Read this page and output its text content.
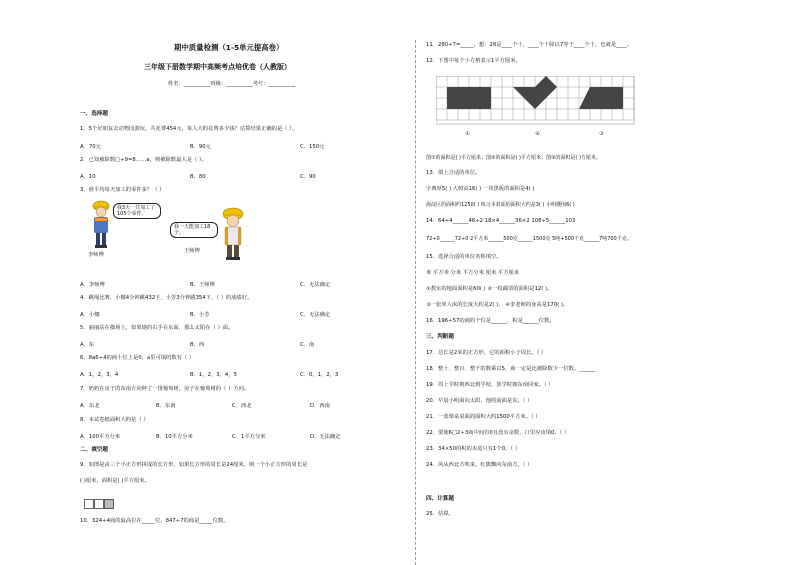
期中质量检测（1-5单元提高卷）
三年级下册数学期中高频考点培优卷（人教版）
姓名：__________班级：__________考号：__________
一、选择题
1．5个好朋友去动物园游玩，共花费454元，每人大约花费多少钱？估算结果正确的是（ ）。
A．70元	B．90元	C．150元
2．已知被除数□÷9=8……a，则被除数最大是（ ）。
A．10	B．80	C．90
3．谁平均每天加工的零件多？（ ）
我3天一共加工了105个零件。
李师傅
我一天能加工18个。
王师傅
A．李师傅	B．王师傅	C．无法确定
4．跳绳比赛，小娜4分钟跳432下，小芳3分钟跳354下，（ ）的成绩好。
A．小娜	B．小芳	C．无法确定
5．丽丽站在操场上，如果她的右手在东面，那么太阳在（ ）面。
A．东	B．西	C．南
6．8a6÷4的商十位上是0，a里可填的数有（ ）
A．1，2，3，4	B．1，2，3，4，5	C．0，1，2，3
7．奶奶在房子的东南方向种了一排葡萄树，房子在葡萄树的（ ）方向。
A．东北	B．东南	C．西北	D．西南
8．本试卷纸面积大约是（ ）
A．100平方分米	B．10平方分米	C．1平方分米	D．无法确定
二、填空题
9．如图是由三个小正方形拼成的长方形，如果长方形的周长是24厘米，则一个小正方形的周长是
( )厘米，面积是( )平方厘米。
10．324÷4商的最高位在_____位，847÷7的商是_____位数。
11．280÷7=_____，想：28是____个十，____个十除以7等于____个十，也就是____。
12．下图中每个小方格表示1平方厘米。
①	②	③
图①的面积是( )平方厘米；图②的面积是( )平方厘米；图③的面积是( )方厘米。
13．填上合适的单位。
字典厚5( ) 大树高16( ) 一块黑板的面积是4( )
海淀区的面积约1250( ) 练习本封面的面积大约是3( ) 小明腰围6( )
14．64÷4______46÷2 18×4______36×2 108÷5______103
72÷0______72÷0 2平方米______500克______1500克 5吨+500千克______7吨700千克。
15．选择合适的单位名称填空。
米 平方米 分米 平方分米 厘米 平方厘米
①教室的地面面积是60( ) ②一枚邮票的面积是12( )。
③一张单人床的长度大约是2( )。 ④李老师的身高是170( )。
16．196÷57的商的个位是______，积是______位数。
三、判断题
17．边长是2米的正方形，它的面积小于周长。（ ）
18．整十、整百、整千的数乘以5，商一定是比被除数少一位数。______
19．周上学时朝西北到学校，放学时朝东南回家。（ ）
20．早晨小明面向太阳，他的前面是东。（ ）
21．一张课桌桌面的面积大约1500平方米。（ ）
22．要使6□2÷3商中间有0且没有余数，口里应该填0。（ ）
23．34×50的积的末尾只有1个0。（ ）
24．风从西北方吹来，红旗飘向东南方。（ ）
四、计算题
25．估算。
